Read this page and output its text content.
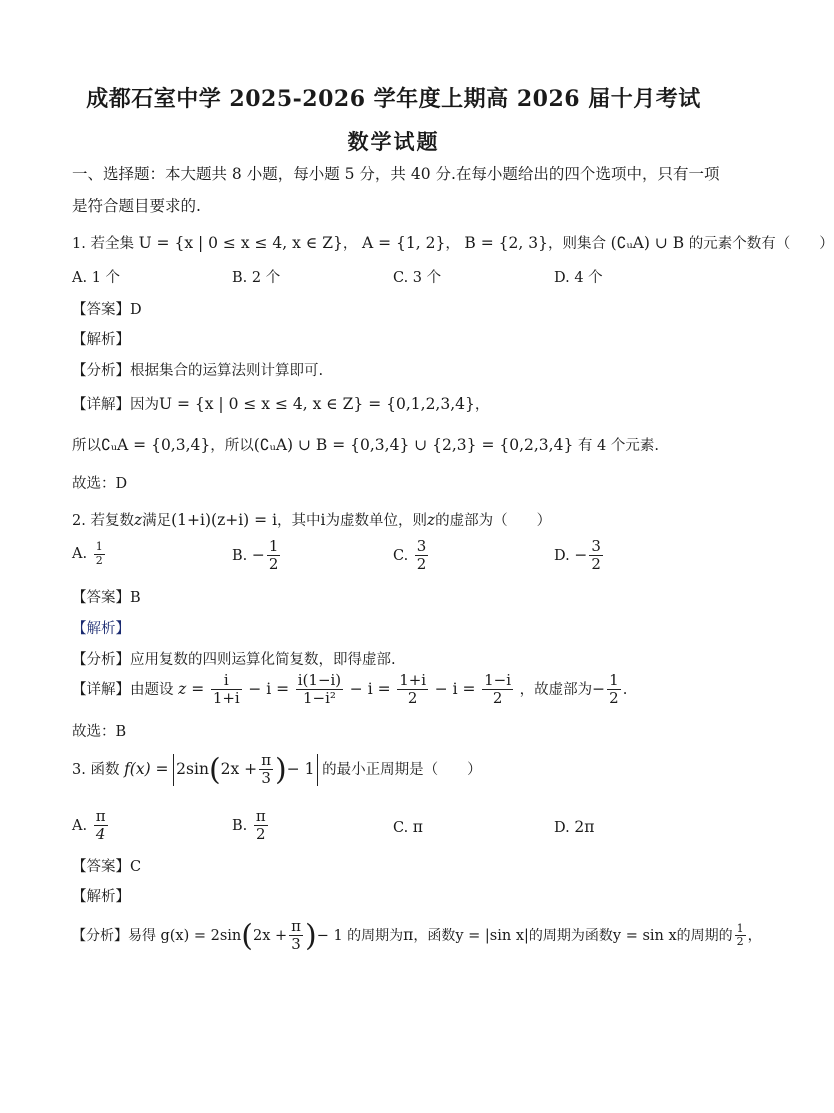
成都石室中学 2025-2026 学年度上期高 2026 届十月考试
数学试题
一、选择题：本大题共 8 小题，每小题 5 分，共 40 分.在每小题给出的四个选项中，只有一项
是符合题目要求的.
1. 若全集 U = {x | 0 ≤ x ≤ 4, x ∈ Z}， A = {1, 2}， B = {2, 3}，则集合 (∁ᵤA) ∪ B 的元素个数有（　　）
A. 1 个	B. 2 个	C. 3 个	D. 4 个
【答案】D
【解析】
【分析】根据集合的运算法则计算即可.
【详解】因为U = {x | 0 ≤ x ≤ 4, x ∈ Z} = {0,1,2,3,4}，
所以∁ᵤA = {0,3,4}，所以(∁ᵤA) ∪ B = {0,3,4} ∪ {2,3} = {0,2,3,4} 有 4 个元素.
故选：D
2. 若复数z满足(1+i)(z+i) = i，其中i为虚数单位，则z的虚部为（　　）
A. $\frac{1}{2}$	B. − $\frac{1}{2}$	C. $\frac{3}{2}$	D. − $\frac{3}{2}$
【答案】B
【解析】
【分析】应用复数的四则运算化简复数，即得虚部.
【详解】由题设 $z = \frac{i}{1+i} - i = \frac{i(1-i)}{\text{1−i²}} - i = \frac{1+i}{2} - i = \frac{1-i}{2}$ ，故虚部为− $\frac{1}{2}$ .
故选：B
3. 函数 $f(x) = 2\sin(2x + \frac{\pi}{3}$ )− 1 的最小正周期是（　　）
A. $\frac{\pi}{4}$	B. $\frac{\pi}{2}$	C. π	D. 2π
【答案】C
【解析】
【分析】易得 $g(x) = 2\sin(2x + \frac{\pi}{3}$ )− 1 的周期为π，函数y = |sin x|的周期为函数y = sin x的周期的 $\frac{1}{2}$ ，
